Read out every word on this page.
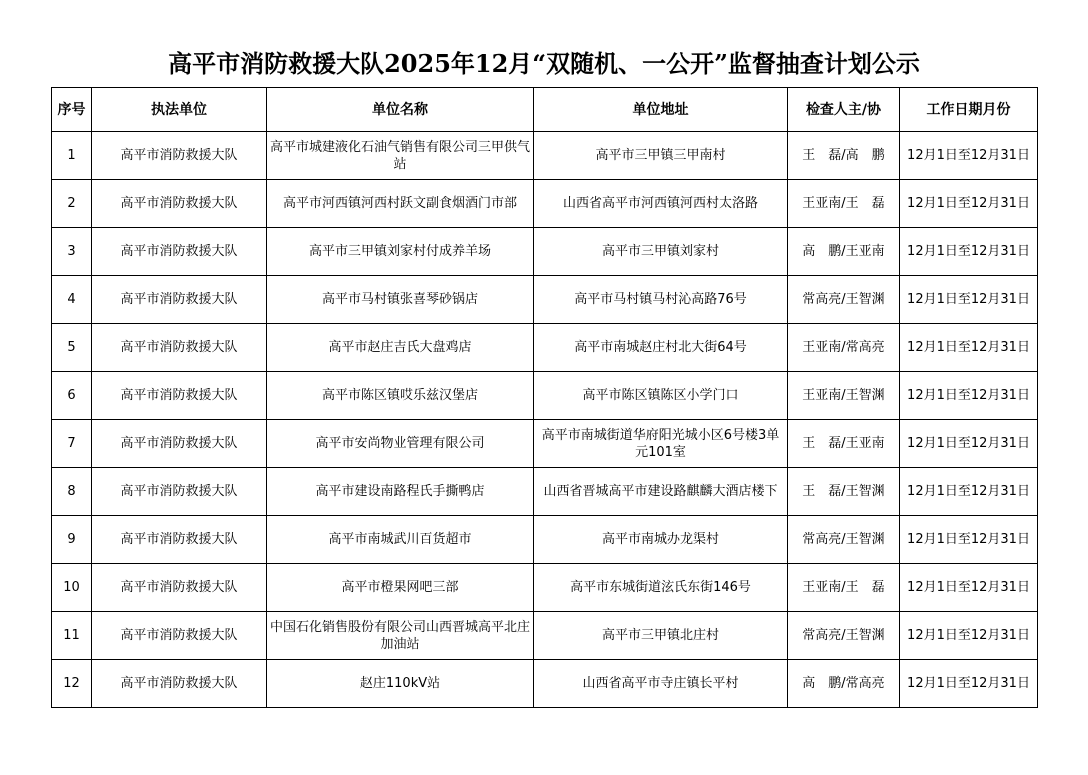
高平市消防救援大队2025年12月“双随机、一公开”监督抽查计划公示
序号	执法单位	单位名称	单位地址	检查人主/协	工作日期月份
1	高平市消防救援大队	高平市城建液化石油气销售有限公司三甲供气站	高平市三甲镇三甲南村	王　磊/高　鹏	12月1日至12月31日
2	高平市消防救援大队	高平市河西镇河西村跃文副食烟酒门市部	山西省高平市河西镇河西村太洛路	王亚南/王　磊	12月1日至12月31日
3	高平市消防救援大队	高平市三甲镇刘家村付成养羊场	高平市三甲镇刘家村	高　鹏/王亚南	12月1日至12月31日
4	高平市消防救援大队	高平市马村镇张喜琴砂锅店	高平市马村镇马村沁高路76号	常高亮/王智渊	12月1日至12月31日
5	高平市消防救援大队	高平市赵庄吉氏大盘鸡店	高平市南城赵庄村北大街64号	王亚南/常高亮	12月1日至12月31日
6	高平市消防救援大队	高平市陈区镇哎乐兹汉堡店	高平市陈区镇陈区小学门口	王亚南/王智渊	12月1日至12月31日
7	高平市消防救援大队	高平市安尚物业管理有限公司	高平市南城街道华府阳光城小区6号楼3单元101室	王　磊/王亚南	12月1日至12月31日
8	高平市消防救援大队	高平市建设南路程氏手撕鸭店	山西省晋城高平市建设路麒麟大酒店楼下	王　磊/王智渊	12月1日至12月31日
9	高平市消防救援大队	高平市南城武川百货超市	高平市南城办龙渠村	常高亮/王智渊	12月1日至12月31日
10	高平市消防救援大队	高平市橙果网吧三部	高平市东城街道泫氏东街146号	王亚南/王　磊	12月1日至12月31日
11	高平市消防救援大队	中国石化销售股份有限公司山西晋城高平北庄加油站	高平市三甲镇北庄村	常高亮/王智渊	12月1日至12月31日
12	高平市消防救援大队	赵庄110kV站	山西省高平市寺庄镇长平村	高　鹏/常高亮	12月1日至12月31日
